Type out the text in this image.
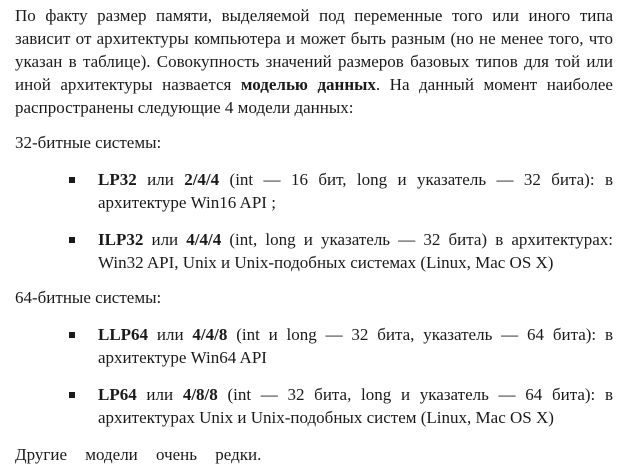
По факту размер памяти, выделяемой под переменные того или иного типа зависит от архитектуры компьютера и может быть разным (но не менее того, что указан в таблице). Совокупность значений размеров базовых типов для той или иной архитектуры назвается моделью данных. На данный момент наиболее распространены следующие 4 модели данных:

32-битные системы:

LP32 или 2/4/4 (int — 16 бит, long и указатель — 32 бита): в архитектуре Win16 API ;
ILP32 или 4/4/4 (int, long и указатель — 32 бита) в архитектурах: Win32 API, Unix и Unix-подобных системах (Linux, Mac OS X)

64-битные системы:

LLP64 или 4/4/8 (int и long — 32 бита, указатель — 64 бита): в архитектуре Win64 API
LP64 или 4/8/8 (int — 32 бита, long и указатель — 64 бита): в архитектурах Unix и Unix-подобных систем (Linux, Mac OS X)

Другие модели очень редки.
